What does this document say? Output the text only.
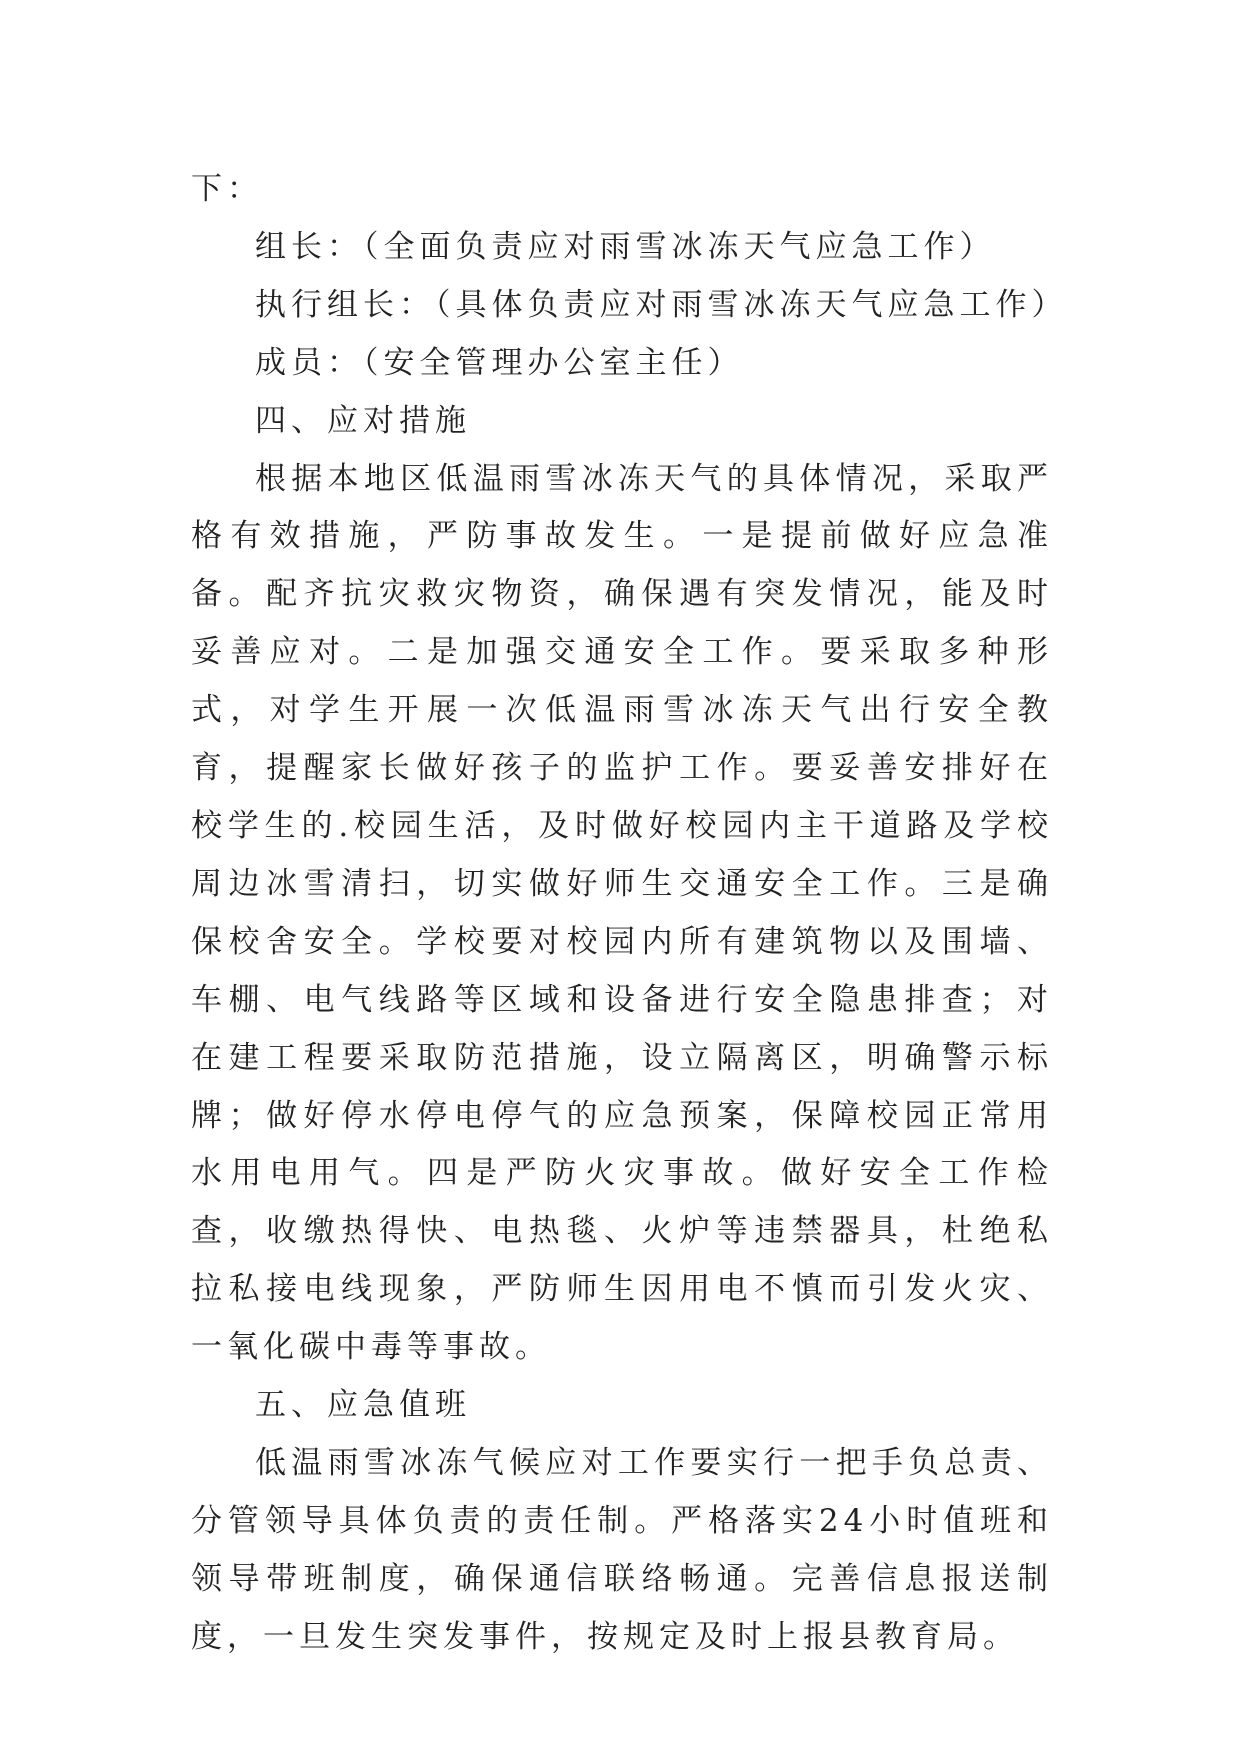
下：

组长：（全面负责应对雨雪冰冻天气应急工作）

执行组长：（具体负责应对雨雪冰冻天气应急工作）

成员：（安全管理办公室主任）

四、应对措施

根据本地区低温雨雪冰冻天气的具体情况，采取严格有效措施，严防事故发生。一是提前做好应急准备。配齐抗灾救灾物资，确保遇有突发情况，能及时妥善应对。二是加强交通安全工作。要采取多种形式，对学生开展一次低温雨雪冰冻天气出行安全教育，提醒家长做好孩子的监护工作。要妥善安排好在校学生的.校园生活，及时做好校园内主干道路及学校周边冰雪清扫，切实做好师生交通安全工作。三是确保校舍安全。学校要对校园内所有建筑物以及围墙、车棚、电气线路等区域和设备进行安全隐患排查；对在建工程要采取防范措施，设立隔离区，明确警示标牌；做好停水停电停气的应急预案，保障校园正常用水用电用气。四是严防火灾事故。做好安全工作检查，收缴热得快、电热毯、火炉等违禁器具，杜绝私拉私接电线现象，严防师生因用电不慎而引发火灾、一氧化碳中毒等事故。

五、应急值班

低温雨雪冰冻气候应对工作要实行一把手负总责、分管领导具体负责的责任制。严格落实24小时值班和领导带班制度，确保通信联络畅通。完善信息报送制度，一旦发生突发事件，按规定及时上报县教育局。
